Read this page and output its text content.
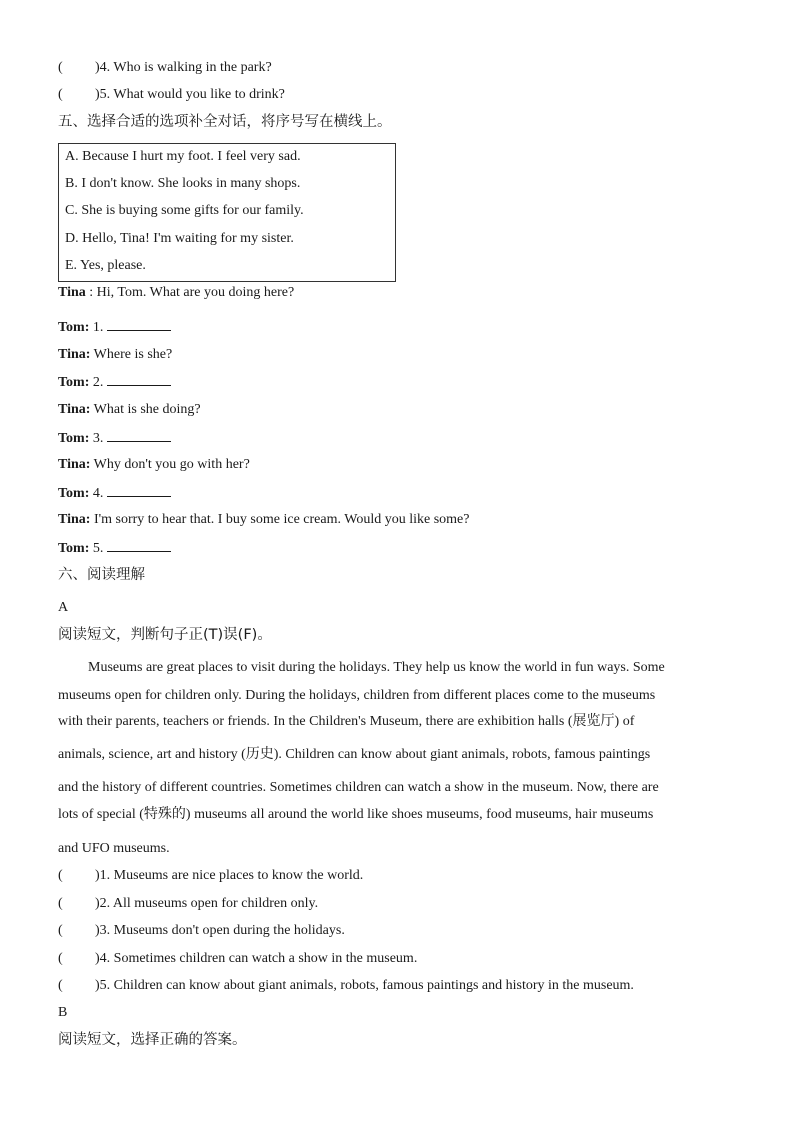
( )4. Who is walking in the park?
( )5. What would you like to drink?
五、选择合适的选项补全对话，将序号写在横线上。
A. Because I hurt my foot. I feel very sad.
B. I don't know. She looks in many shops.
C. She is buying some gifts for our family.
D. Hello, Tina! I'm waiting for my sister.
E. Yes, please.
Tina : Hi, Tom. What are you doing here?
Tom: 1.
Tina: Where is she?
Tom: 2.
Tina: What is she doing?
Tom: 3.
Tina: Why don't you go with her?
Tom: 4.
Tina: I'm sorry to hear that. I buy some ice cream. Would you like some?
Tom: 5.
六、阅读理解
A
阅读短文，判断句子正(T)误(F)。
Museums are great places to visit during the holidays. They help us know the world in fun ways. Some
museums open for children only. During the holidays, children from different places come to the museums
with their parents, teachers or friends. In the Children's Museum, there are exhibition halls (展览厅) of
animals, science, art and history (历史). Children can know about giant animals, robots, famous paintings
and the history of different countries. Sometimes children can watch a show in the museum. Now, there are
lots of special (特殊的) museums all around the world like shoes museums, food museums, hair museums
and UFO museums.
( )1. Museums are nice places to know the world.
( )2. All museums open for children only.
( )3. Museums don't open during the holidays.
( )4. Sometimes children can watch a show in the museum.
( )5. Children can know about giant animals, robots, famous paintings and history in the museum.
B
阅读短文，选择正确的答案。
